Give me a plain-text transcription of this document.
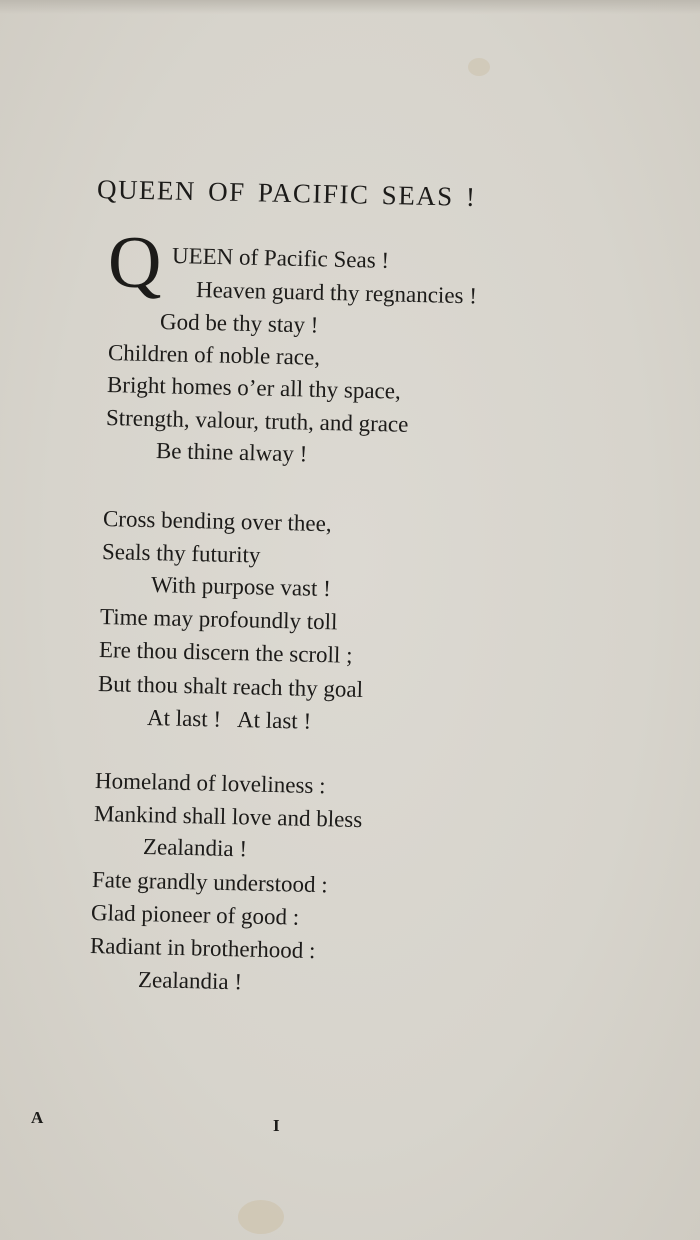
QUEEN OF PACIFIC SEAS !
Q UEEN of Pacific Seas !
Heaven guard thy regnancies !
God be thy stay !
Children of noble race,
Bright homes o’er all thy space,
Strength, valour, truth, and grace
Be thine alway !
Cross bending over thee,
Seals thy futurity
With purpose vast !
Time may profoundly toll
Ere thou discern the scroll ;
But thou shalt reach thy goal
At last !   At last !
Homeland of loveliness :
Mankind shall love and bless
Zealandia !
Fate grandly understood :
Glad pioneer of good :
Radiant in brotherhood :
Zealandia !
A	I
